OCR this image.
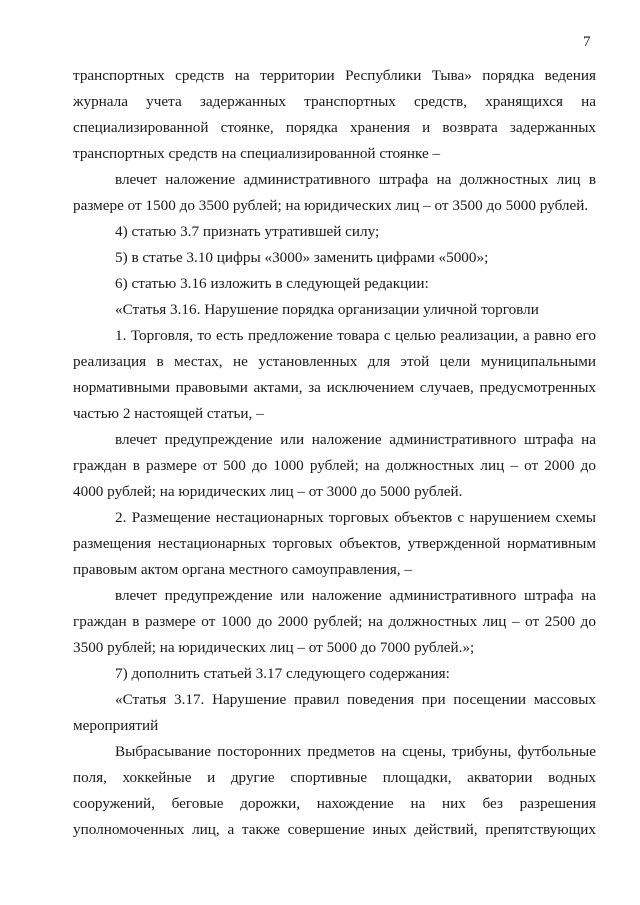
7

транспортных средств на территории Республики Тыва» порядка ведения журнала учета задержанных транспортных средств, хранящихся на специализированной стоянке, порядка хранения и возврата задержанных транспортных средств на специализированной стоянке –

влечет наложение административного штрафа на должностных лиц в размере от 1500 до 3500 рублей; на юридических лиц – от 3500 до 5000 рублей.

4) статью 3.7 признать утратившей силу;

5) в статье 3.10 цифры «3000» заменить цифрами «5000»;

6) статью 3.16 изложить в следующей редакции:

«Статья 3.16. Нарушение порядка организации уличной торговли

1. Торговля, то есть предложение товара с целью реализации, а равно его реализация в местах, не установленных для этой цели муниципальными нормативными правовыми актами, за исключением случаев, предусмотренных частью 2 настоящей статьи, –

влечет предупреждение или наложение административного штрафа на граждан в размере от 500 до 1000 рублей; на должностных лиц – от 2000 до 4000 рублей; на юридических лиц – от 3000 до 5000 рублей.

2. Размещение нестационарных торговых объектов с нарушением схемы размещения нестационарных торговых объектов, утвержденной нормативным правовым актом органа местного самоуправления, –

влечет предупреждение или наложение административного штрафа на граждан в размере от 1000 до 2000 рублей; на должностных лиц – от 2500 до 3500 рублей; на юридических лиц – от 5000 до 7000 рублей.»;

7) дополнить статьей 3.17 следующего содержания:

«Статья 3.17. Нарушение правил поведения при посещении массовых мероприятий

Выбрасывание посторонних предметов на сцены, трибуны, футбольные поля, хоккейные и другие спортивные площадки, акватории водных сооружений, беговые дорожки, нахождение на них без разрешения уполномоченных лиц, а также совершение иных действий, препятствующих
